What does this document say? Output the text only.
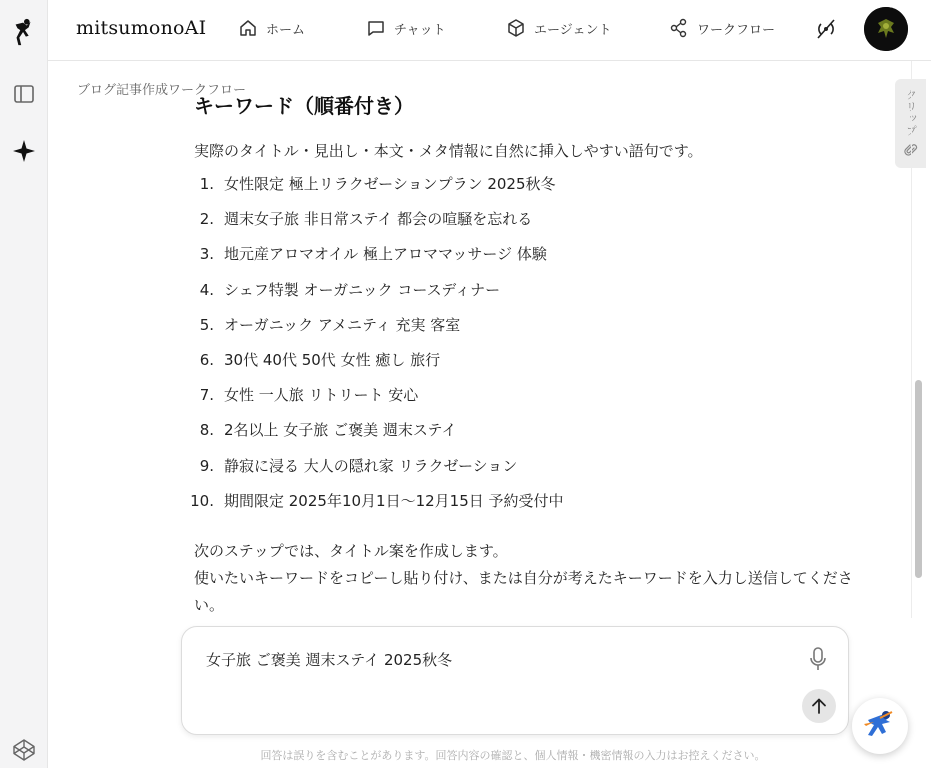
mitsumonoAI	ホーム	チャット	エージェント	ワークフロー
ブログ記事作成ワークフロー
キーワード（順番付き）
実際のタイトル・見出し・本文・メタ情報に自然に挿入しやすい語句です。
1. 女性限定 極上リラクゼーションプラン 2025秋冬
2. 週末女子旅 非日常ステイ 都会の喧騒を忘れる
3. 地元産アロマオイル 極上アロママッサージ 体験
4. シェフ特製 オーガニック コースディナー
5. オーガニック アメニティ 充実 客室
6. 30代 40代 50代 女性 癒し 旅行
7. 女性 一人旅 リトリート 安心
8. 2名以上 女子旅 ご褒美 週末ステイ
9. 静寂に浸る 大人の隠れ家 リラクゼーション
10. 期間限定 2025年10月1日〜12月15日 予約受付中
次のステップでは、タイトル案を作成します。
使いたいキーワードをコピーし貼り付け、または自分が考えたキーワードを入力し送信してください。
クリップ
女子旅 ご褒美 週末ステイ 2025秋冬
回答は誤りを含むことがあります。回答内容の確認と、個人情報・機密情報の入力はお控えください。
